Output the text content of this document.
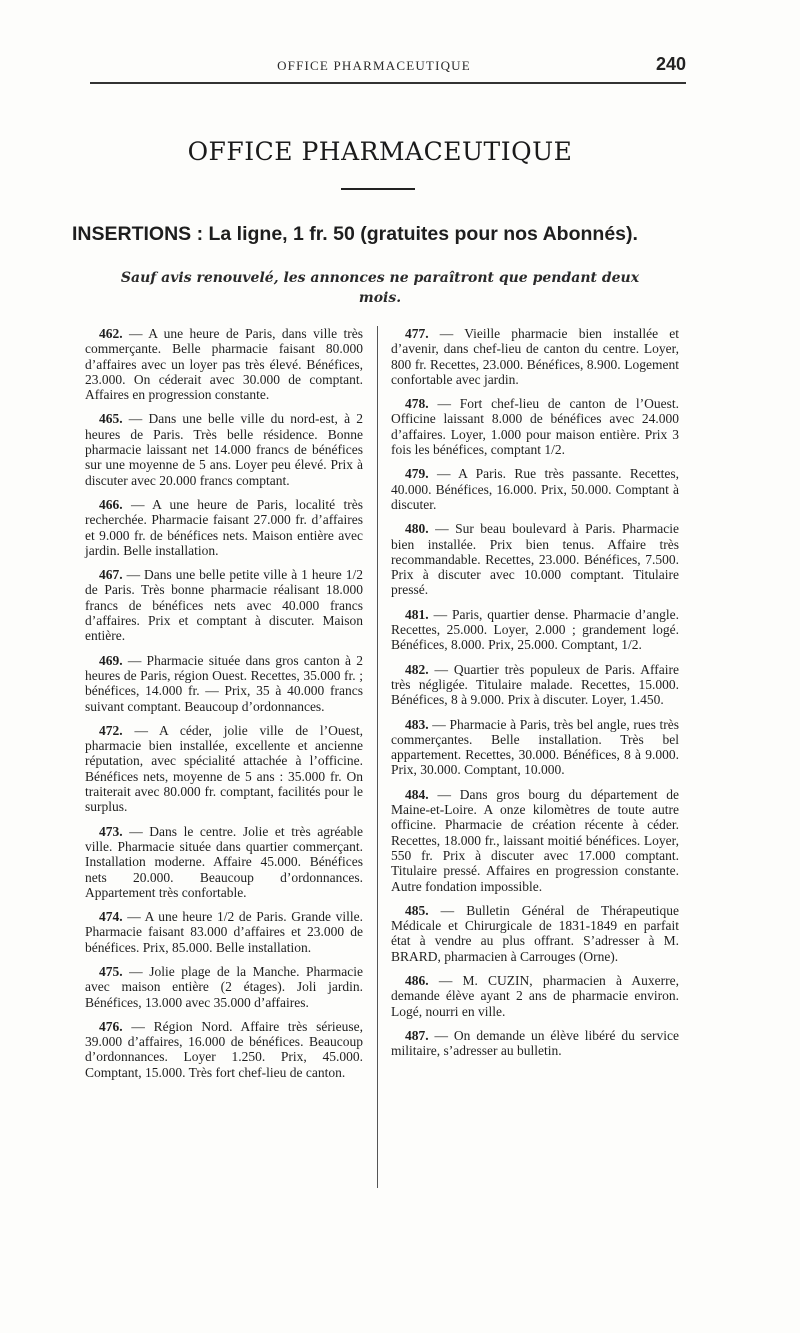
OFFICE PHARMACEUTIQUE	240
OFFICE PHARMACEUTIQUE
INSERTIONS : La ligne, 1 fr. 50 (gratuites pour nos Abonnés).
Sauf avis renouvelé, les annonces ne paraîtront que pendant deux mois.

462. — A une heure de Paris, dans ville très commerçante. Belle pharmacie faisant 80.000 d’affaires avec un loyer pas très élevé. Bénéfices, 23.000. On céderait avec 30.000 de comptant. Affaires en progression constante.

465. — Dans une belle ville du nord-est, à 2 heures de Paris. Très belle résidence. Bonne pharmacie laissant net 14.000 francs de bénéfices sur une moyenne de 5 ans. Loyer peu élevé. Prix à discuter avec 20.000 francs comptant.

466. — A une heure de Paris, localité très recherchée. Pharmacie faisant 27.000 fr. d’affaires et 9.000 fr. de bénéfices nets. Maison entière avec jardin. Belle installation.

467. — Dans une belle petite ville à 1 heure 1/2 de Paris. Très bonne pharmacie réalisant 18.000 francs de bénéfices nets avec 40.000 francs d’affaires. Prix et comptant à discuter. Maison entière.

469. — Pharmacie située dans gros canton à 2 heures de Paris, région Ouest. Recettes, 35.000 fr. ; bénéfices, 14.000 fr. — Prix, 35 à 40.000 francs suivant comptant. Beaucoup d’ordonnances.

472. — A céder, jolie ville de l’Ouest, pharmacie bien installée, excellente et ancienne réputation, avec spécialité attachée à l’officine. Bénéfices nets, moyenne de 5 ans : 35.000 fr. On traiterait avec 80.000 fr. comptant, facilités pour le surplus.

473. — Dans le centre. Jolie et très agréable ville. Pharmacie située dans quartier commerçant. Installation moderne. Affaire 45.000. Bénéfices nets 20.000. Beaucoup d’ordonnances. Appartement très confortable.

474. — A une heure 1/2 de Paris. Grande ville. Pharmacie faisant 83.000 d’affaires et 23.000 de bénéfices. Prix, 85.000. Belle installation.

475. — Jolie plage de la Manche. Pharmacie avec maison entière (2 étages). Joli jardin. Bénéfices, 13.000 avec 35.000 d’affaires.

476. — Région Nord. Affaire très sérieuse, 39.000 d’affaires, 16.000 de bénéfices. Beaucoup d’ordonnances. Loyer 1.250. Prix, 45.000. Comptant, 15.000. Très fort chef-lieu de canton.

477. — Vieille pharmacie bien installée et d’avenir, dans chef-lieu de canton du centre. Loyer, 800 fr. Recettes, 23.000. Bénéfices, 8.900. Logement confortable avec jardin.

478. — Fort chef-lieu de canton de l’Ouest. Officine laissant 8.000 de bénéfices avec 24.000 d’affaires. Loyer, 1.000 pour maison entière. Prix 3 fois les bénéfices, comptant 1/2.

479. — A Paris. Rue très passante. Recettes, 40.000. Bénéfices, 16.000. Prix, 50.000. Comptant à discuter.

480. — Sur beau boulevard à Paris. Pharmacie bien installée. Prix bien tenus. Affaire très recommandable. Recettes, 23.000. Bénéfices, 7.500. Prix à discuter avec 10.000 comptant. Titulaire pressé.

481. — Paris, quartier dense. Pharmacie d’angle. Recettes, 25.000. Loyer, 2.000 ; grandement logé. Bénéfices, 8.000. Prix, 25.000. Comptant, 1/2.

482. — Quartier très populeux de Paris. Affaire très négligée. Titulaire malade. Recettes, 15.000. Bénéfices, 8 à 9.000. Prix à discuter. Loyer, 1.450.

483. — Pharmacie à Paris, très bel angle, rues très commerçantes. Belle installation. Très bel appartement. Recettes, 30.000. Bénéfices, 8 à 9.000. Prix, 30.000. Comptant, 10.000.

484. — Dans gros bourg du département de Maine-et-Loire. A onze kilomètres de toute autre officine. Pharmacie de création récente à céder. Recettes, 18.000 fr., laissant moitié bénéfices. Loyer, 550 fr. Prix à discuter avec 17.000 comptant. Titulaire pressé. Affaires en progression constante. Autre fondation impossible.

485. — Bulletin Général de Thérapeutique Médicale et Chirurgicale de 1831-1849 en parfait état à vendre au plus offrant. S’adresser à M. BRARD, pharmacien à Carrouges (Orne).

486. — M. CUZIN, pharmacien à Auxerre, demande élève ayant 2 ans de pharmacie environ. Logé, nourri en ville.

487. — On demande un élève libéré du service militaire, s’adresser au bulletin.
